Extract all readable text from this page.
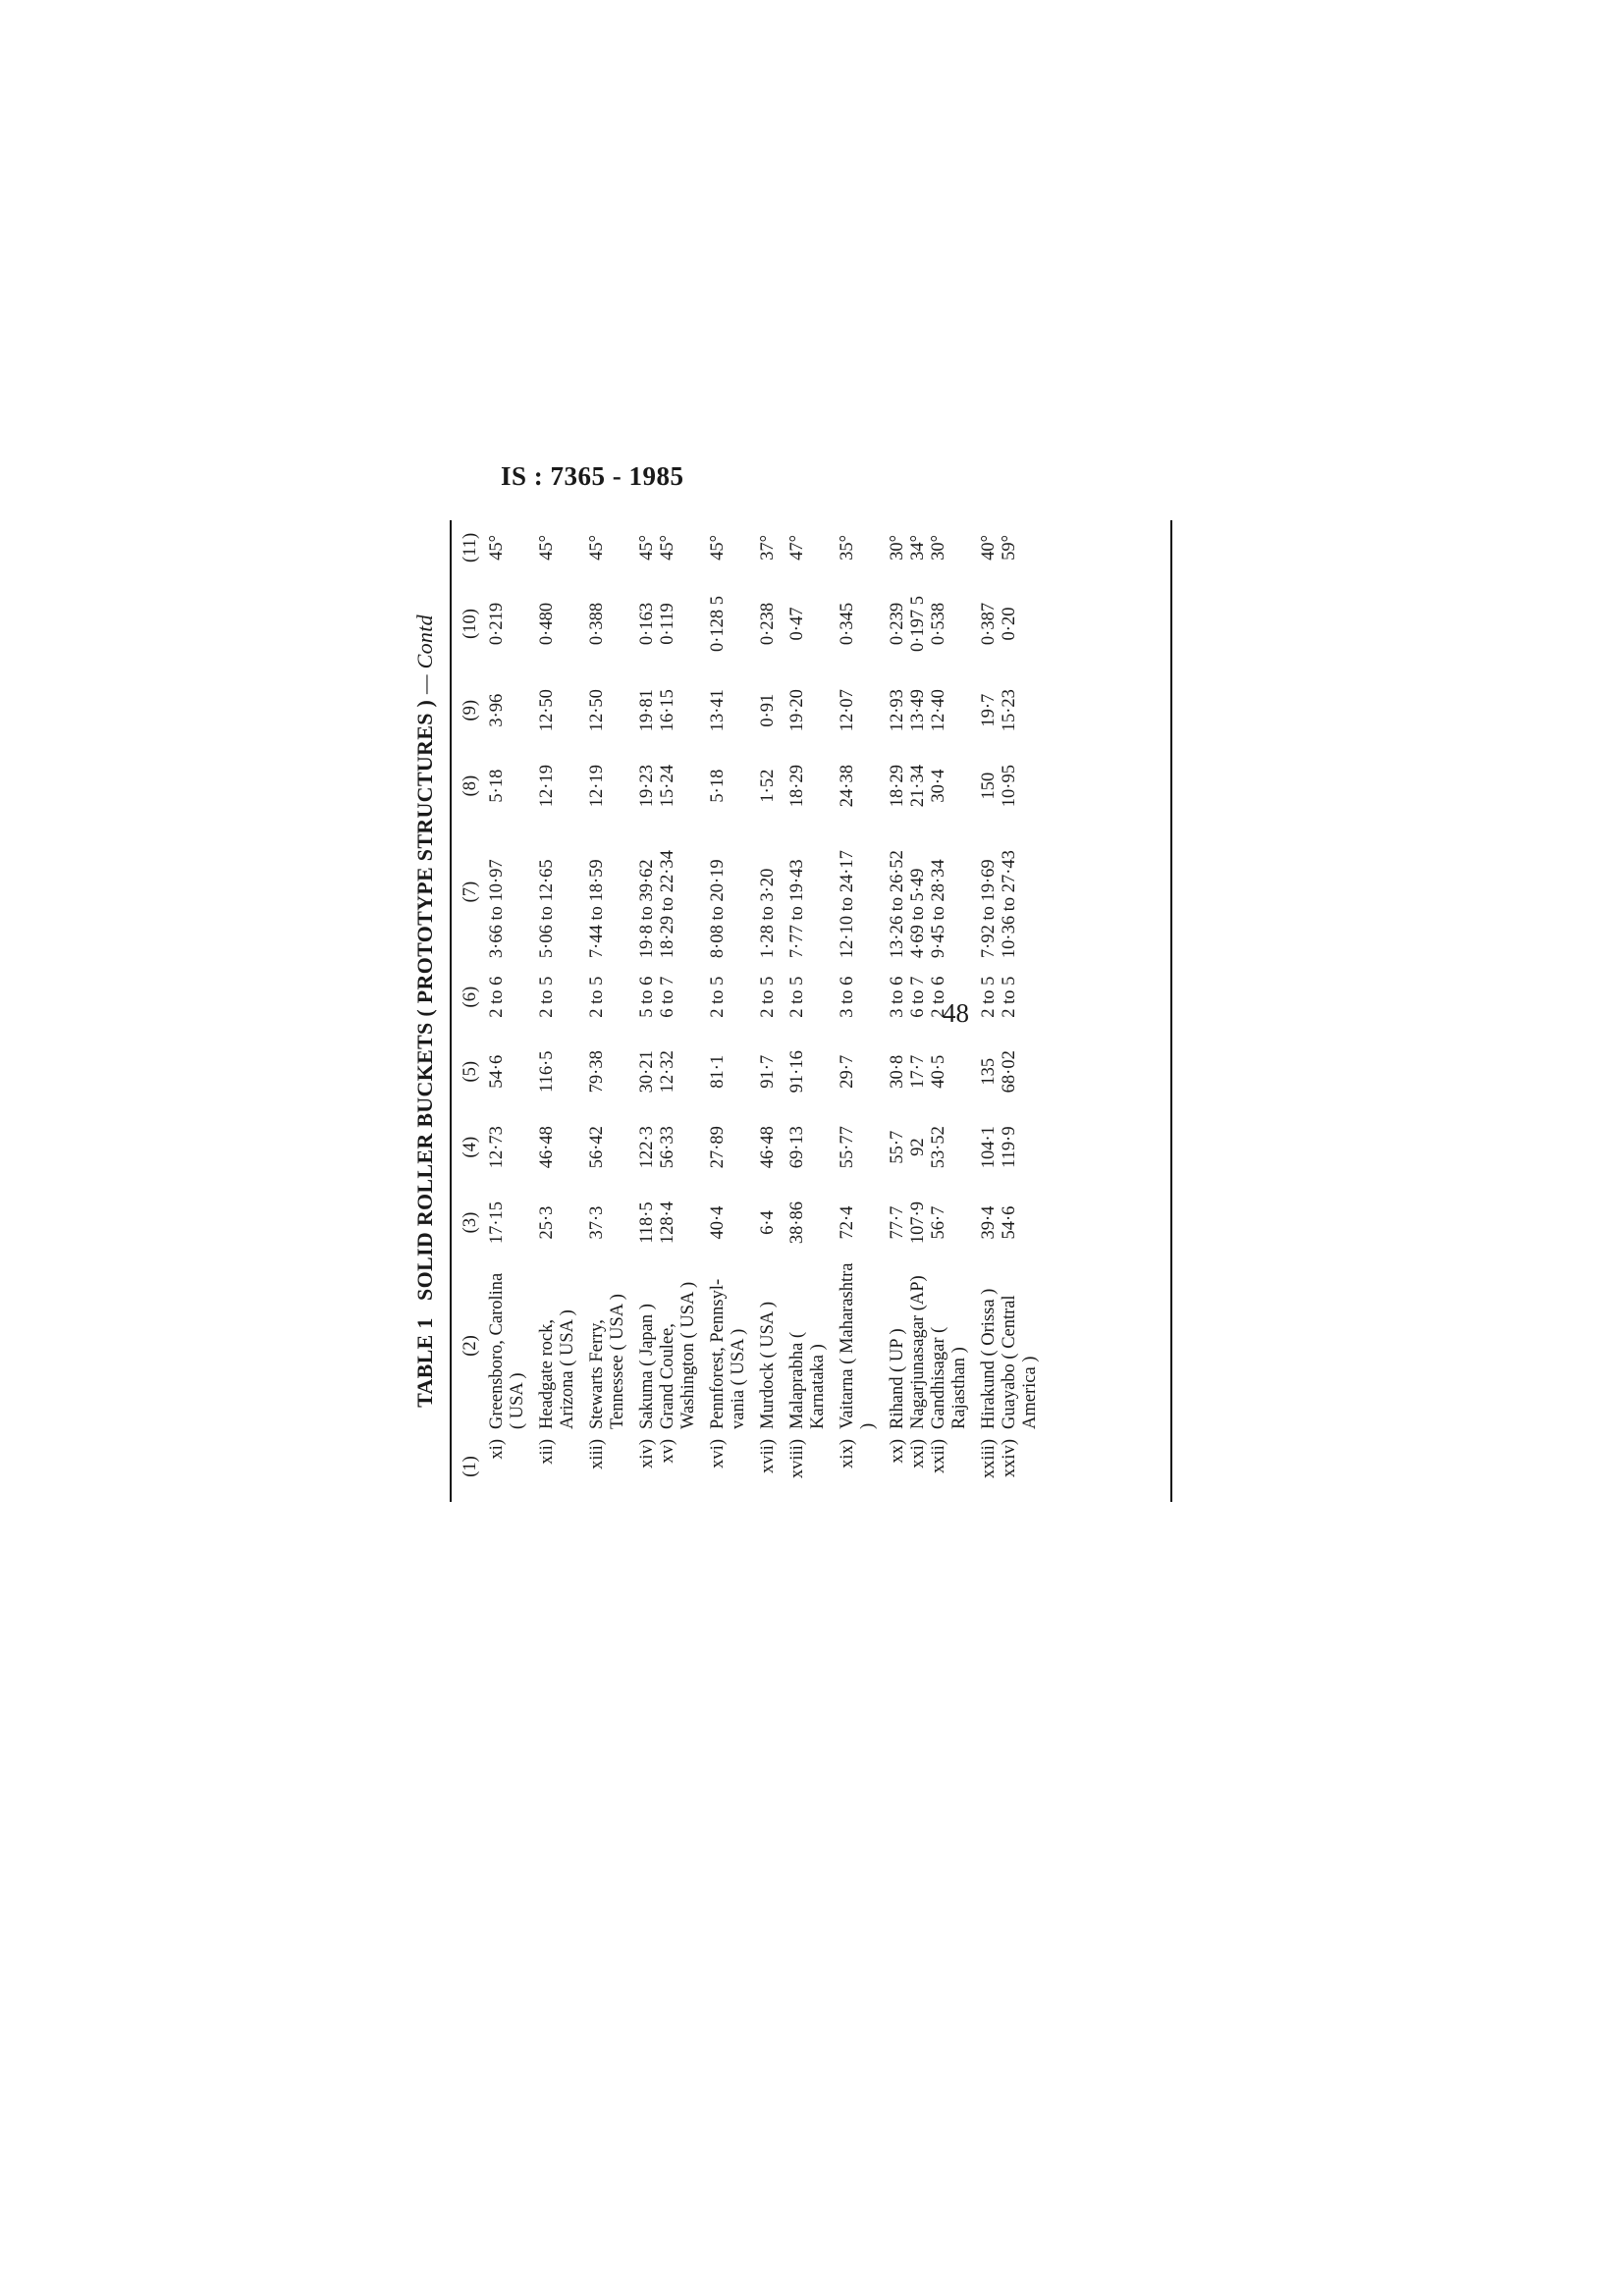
IS : 7365 - 1985
TABLE 1   SOLID ROLLER BUCKETS ( PROTOTYPE STRUCTURES ) — Contd
(1)	(2)	(3)	(4)	(5)	(6)	(7)	(8)	(9)	(10)	(11)
xi)	Greensboro, Carolina ( USA )	17·15	12·73	54·6	2 to 6	3·66 to 10·97	5·18	3·96	0·219	45°
xii)	Headgate rock, Arizona ( USA )	25·3	46·48	116·5	2 to 5	5·06 to 12·65	12·19	12·50	0·480	45°
xiii)	Stewarts Ferry, Tennessee ( USA )	37·3	56·42	79·38	2 to 5	7·44 to 18·59	12·19	12·50	0·388	45°
xiv)	Sakuma ( Japan )	118·5	122·3	30·21	5 to 6	19·8 to 39·62	19·23	19·81	0·163	45°
xv)	Grand Coulee, Washington ( USA )	128·4	56·33	12·32	6 to 7	18·29 to 22·34	15·24	16·15	0·119	45°
xvi)	Pennforest, Pennsyl-vania ( USA )	40·4	27·89	81·1	2 to 5	8·08 to 20·19	5·18	13·41	0·128 5	45°
xvii)	Murdock ( USA )	6·4	46·48	91·7	2 to 5	1·28 to 3·20	1·52	0·91	0·238	37°
xviii)	Malaprabha ( Karnataka )	38·86	69·13	91·16	2 to 5	7·77 to 19·43	18·29	19·20	0·47	47°
xix)	Vaitarna ( Maharashtra )	72·4	55·77	29·7	3 to 6	12·10 to 24·17	24·38	12·07	0·345	35°
xx)	Rihand ( UP )	77·7	55·7	30·8	3 to 6	13·26 to 26·52	18·29	12·93	0·239	30°
xxi)	Nagarjunasagar (AP)	107·9	92	17·7	6 to 7	4·69 to 5·49	21·34	13·49	0·197 5	34°
xxii)	Gandhisagar ( Rajasthan )	56·7	53·52	40·5	2 to 6	9·45 to 28·34	30·4	12·40	0·538	30°
xxiii)	Hirakund ( Orissa )	39·4	104·1	135	2 to 5	7·92 to 19·69	150	19·7	0·387	40°
xxiv)	Guayabo ( Central America )	54·6	119·9	68·02	2 to 5	10·36 to 27·43	10·95	15·23	0·20	59°
48
